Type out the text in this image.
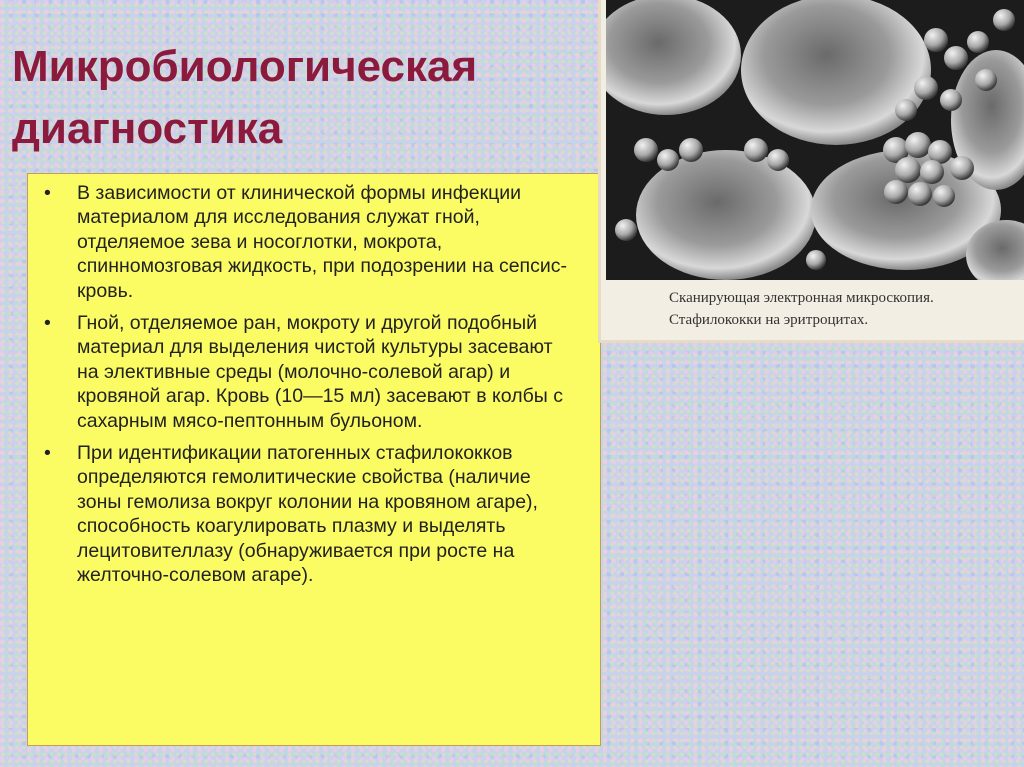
Микробиологическая диагностика
• В зависимости от клинической формы инфекции материалом для исследования служат гной, отделяемое зева и носоглотки, мокрота, спинномозговая жидкость, при подозрении на сепсис-кровь.
• Гной, отделяемое ран, мокроту и другой подобный материал для выделения чистой культуры засевают на элективные среды (молочно-солевой агар) и кровяной агар. Кровь (10—15 мл) засевают в колбы с сахарным мясо-пептонным бульоном.
• При идентификации патогенных стафилококков определяются гемолитические свойства (наличие зоны гемолиза вокруг колонии на кровяном агаре), способность коагулировать плазму и выделять лецитовителлазу (обнаруживается при росте на желточно-солевом агаре).
Сканирующая электронная микроскопия. Стафилококки на эритроцитах.
